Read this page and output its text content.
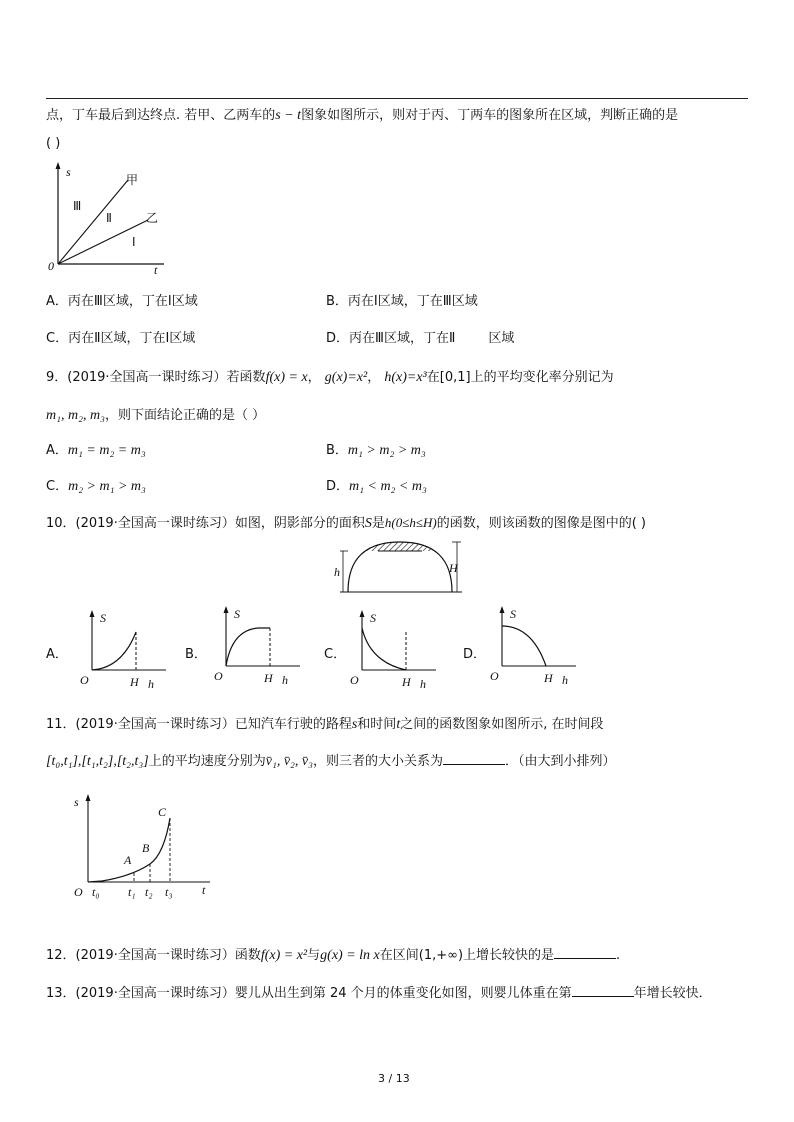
点，丁车最后到达终点. 若甲、乙两车的s − t图象如图所示，则对于丙、丁两车的图象所在区域，判断正确的是
( )
s
t
0
甲
乙
Ⅲ
Ⅱ
Ⅰ
A．丙在Ⅲ区域，丁在Ⅰ区域	B．丙在Ⅰ区域，丁在Ⅲ区域
C．丙在Ⅱ区域，丁在Ⅰ区域	D．丙在Ⅲ区域，丁在Ⅱ        区域
9．(2019·全国高一课时练习）若函数f(x) = x， g(x)=x²， h(x)=x³在[0,1]上的平均变化率分别记为
m₁, m₂, m₃，则下面结论正确的是（ ）
A．m₁ = m₂ = m₃	B．m₁ > m₂ > m₃
C．m₂ > m₁ > m₃	D．m₁ < m₂ < m₃
10．(2019·全国高一课时练习）如图，阴影部分的面积S是h(0≤h≤H)的函数，则该函数的图像是图中的( )
h	H
A．
S
O	H h
B．
S
O	H h
C．
S
O	H h
D．
S
O	H h
11．(2019·全国高一课时练习）已知汽车行驶的路程s和时间t之间的函数图象如图所示, 在时间段
[t₀,t₁],[t₁,t₂],[t₂,t₃]上的平均速度分别为v̄₁, v̄₂, v̄₃，则三者的大小关系为	．（由大到小排列）
s
t
O
A
B
C
t₀ t₁ t₂ t₃
12．(2019·全国高一课时练习）函数f(x) = x²与g(x) = ln x在区间(1,+∞)上增长较快的是	.
13．(2019·全国高一课时练习）婴儿从出生到第 24 个月的体重变化如图，则婴儿体重在第	年增长较快．
3 / 13
